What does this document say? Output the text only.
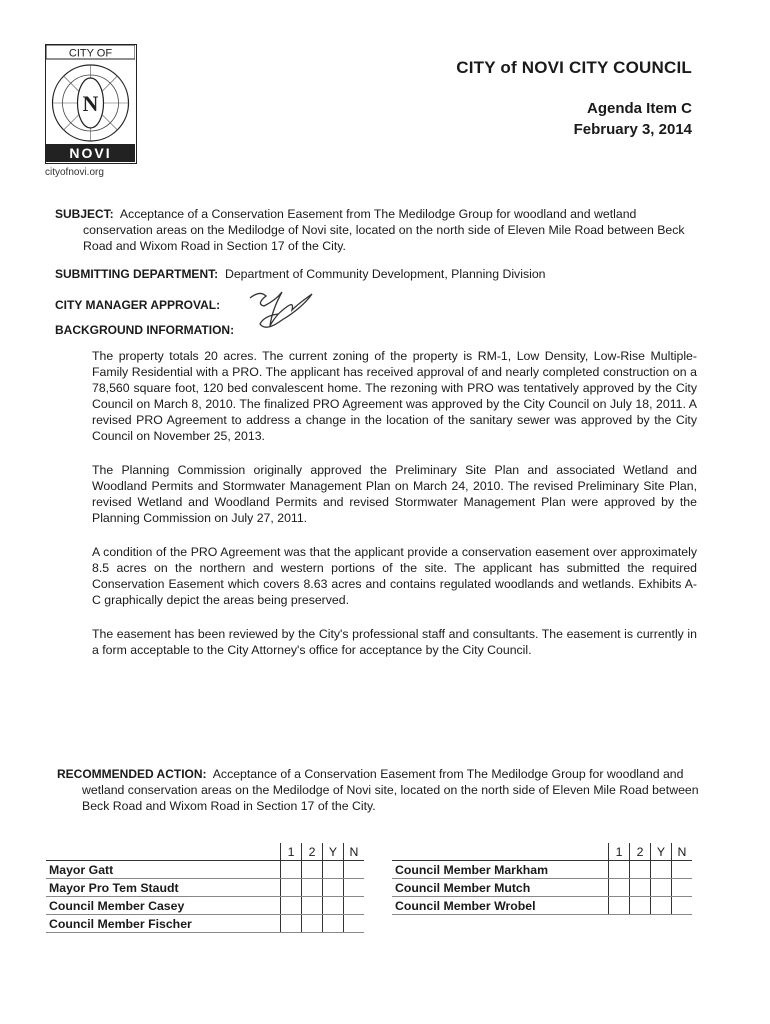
CITY OF
N
NOVI
cityofnovi.org
CITY of NOVI CITY COUNCIL
Agenda Item C
February 3, 2014
SUBJECT: Acceptance of a Conservation Easement from The Medilodge Group for woodland and wetland conservation areas on the Medilodge of Novi site, located on the north side of Eleven Mile Road between Beck Road and Wixom Road in Section 17 of the City.
SUBMITTING DEPARTMENT: Department of Community Development, Planning Division
CITY MANAGER APPROVAL:
BACKGROUND INFORMATION:

The property totals 20 acres. The current zoning of the property is RM-1, Low Density, Low-Rise Multiple-Family Residential with a PRO. The applicant has received approval of and nearly completed construction on a 78,560 square foot, 120 bed convalescent home. The rezoning with PRO was tentatively approved by the City Council on March 8, 2010. The finalized PRO Agreement was approved by the City Council on July 18, 2011. A revised PRO Agreement to address a change in the location of the sanitary sewer was approved by the City Council on November 25, 2013.

The Planning Commission originally approved the Preliminary Site Plan and associated Wetland and Woodland Permits and Stormwater Management Plan on March 24, 2010. The revised Preliminary Site Plan, revised Wetland and Woodland Permits and revised Stormwater Management Plan were approved by the Planning Commission on July 27, 2011.

A condition of the PRO Agreement was that the applicant provide a conservation easement over approximately 8.5 acres on the northern and western portions of the site. The applicant has submitted the required Conservation Easement which covers 8.63 acres and contains regulated woodlands and wetlands. Exhibits A-C graphically depict the areas being preserved.

The easement has been reviewed by the City's professional staff and consultants. The easement is currently in a form acceptable to the City Attorney's office for acceptance by the City Council.

RECOMMENDED ACTION: Acceptance of a Conservation Easement from The Medilodge Group for woodland and wetland conservation areas on the Medilodge of Novi site, located on the north side of Eleven Mile Road between Beck Road and Wixom Road in Section 17 of the City.
	1	2	Y	N
Mayor Gatt				
Mayor Pro Tem Staudt				
Council Member Casey				
Council Member Fischer				
	1	2	Y	N
Council Member Markham				
Council Member Mutch				
Council Member Wrobel				
